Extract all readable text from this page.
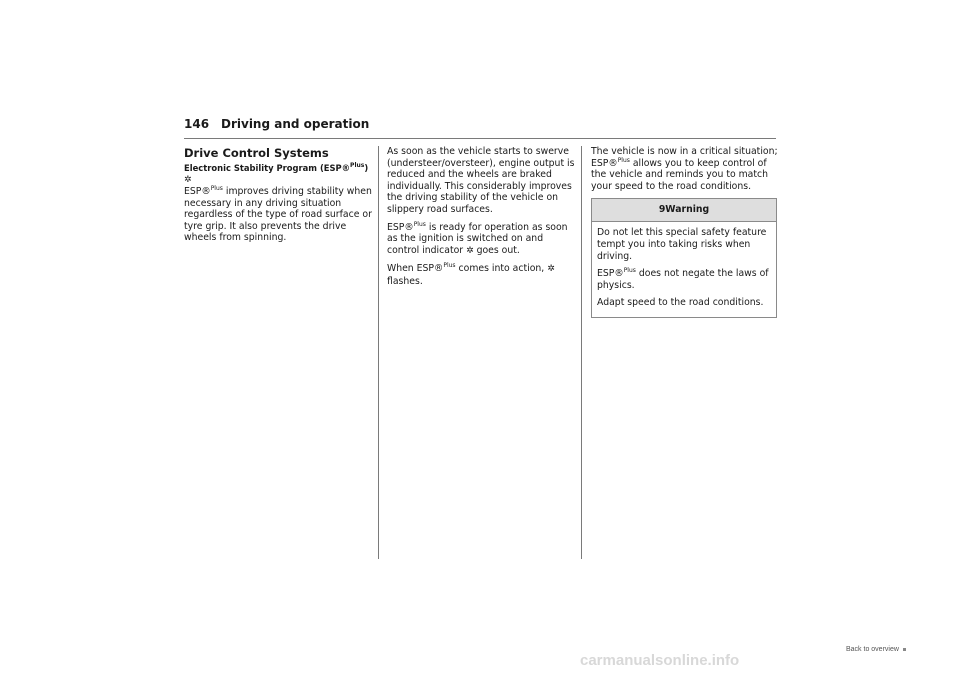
146 Driving and operation
Drive Control Systems
Electronic Stability Program (ESP®$^{Plus}$) ✲

ESP®$^{Plus}$ improves driving stability when necessary in any driving situation regardless of the type of road surface or tyre grip. It also prevents the drive wheels from spinning.

As soon as the vehicle starts to swerve (understeer/oversteer), engine output is reduced and the wheels are braked individually. This considerably improves the driving stability of the vehicle on slippery road surfaces.

ESP®$^{Plus}$ is ready for operation as soon as the ignition is switched on and control indicator ✲ goes out.

When ESP®$^{Plus}$ comes into action, ✲ flashes.

The vehicle is now in a critical situation; ESP®$^{Plus}$ allows you to keep control of the vehicle and reminds you to match your speed to the road conditions.

9Warning

Do not let this special safety feature tempt you into taking risks when driving.

ESP®$^{Plus}$ does not negate the laws of physics.

Adapt speed to the road conditions.

Back to overview
carmanualsonline.info
